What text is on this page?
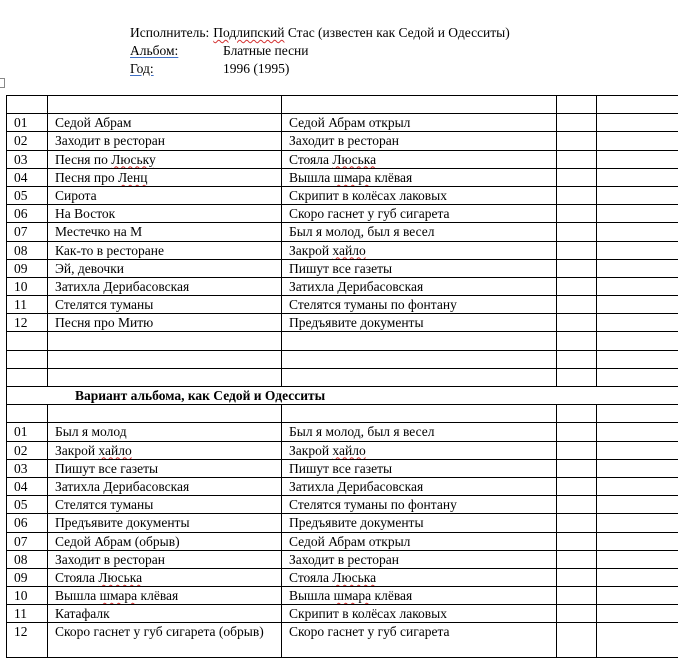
Исполнитель: Подлипский Стас (известен как Седой и Одесситы)
Альбом:	Блатные песни
Год:	1996 (1995)

01	Седой Абрам	Седой Абрам открыл		
02	Заходит в ресторан	Заходит в ресторан		
03	Песня по Люську	Стояла Люська		
04	Песня про Ленц	Вышла шмара клёвая		
05	Сирота	Скрипит в колёсах лаковых		
06	На Восток	Скоро гаснет у губ сигарета		
07	Местечко на М	Был я молод, был я весел		
08	Как-то в ресторане	Закрой хайло		
09	Эй, девочки	Пишут все газеты		
10	Затихла Дерибасовская	Затихла Дерибасовская		
11	Стелятся туманы	Стелятся туманы по фонтану		
12	Песня про Митю	Предъявите документы		

Вариант альбома, как Седой и Одесситы				

01	Был я молод	Был я молод, был я весел		
02	Закрой хайло	Закрой хайло		
03	Пишут все газеты	Пишут все газеты		
04	Затихла Дерибасовская	Затихла Дерибасовская		
05	Стелятся туманы	Стелятся туманы по фонтану		
06	Предъявите документы	Предъявите документы		
07	Седой Абрам (обрыв)	Седой Абрам открыл		
08	Заходит в ресторан	Заходит в ресторан		
09	Стояла Люська	Стояла Люська		
10	Вышла шмара клёвая	Вышла шмара клёвая		
11	Катафалк	Скрипит в колёсах лаковых		
12	Скоро гаснет у губ сигарета (обрыв)	Скоро гаснет у губ сигарета		
